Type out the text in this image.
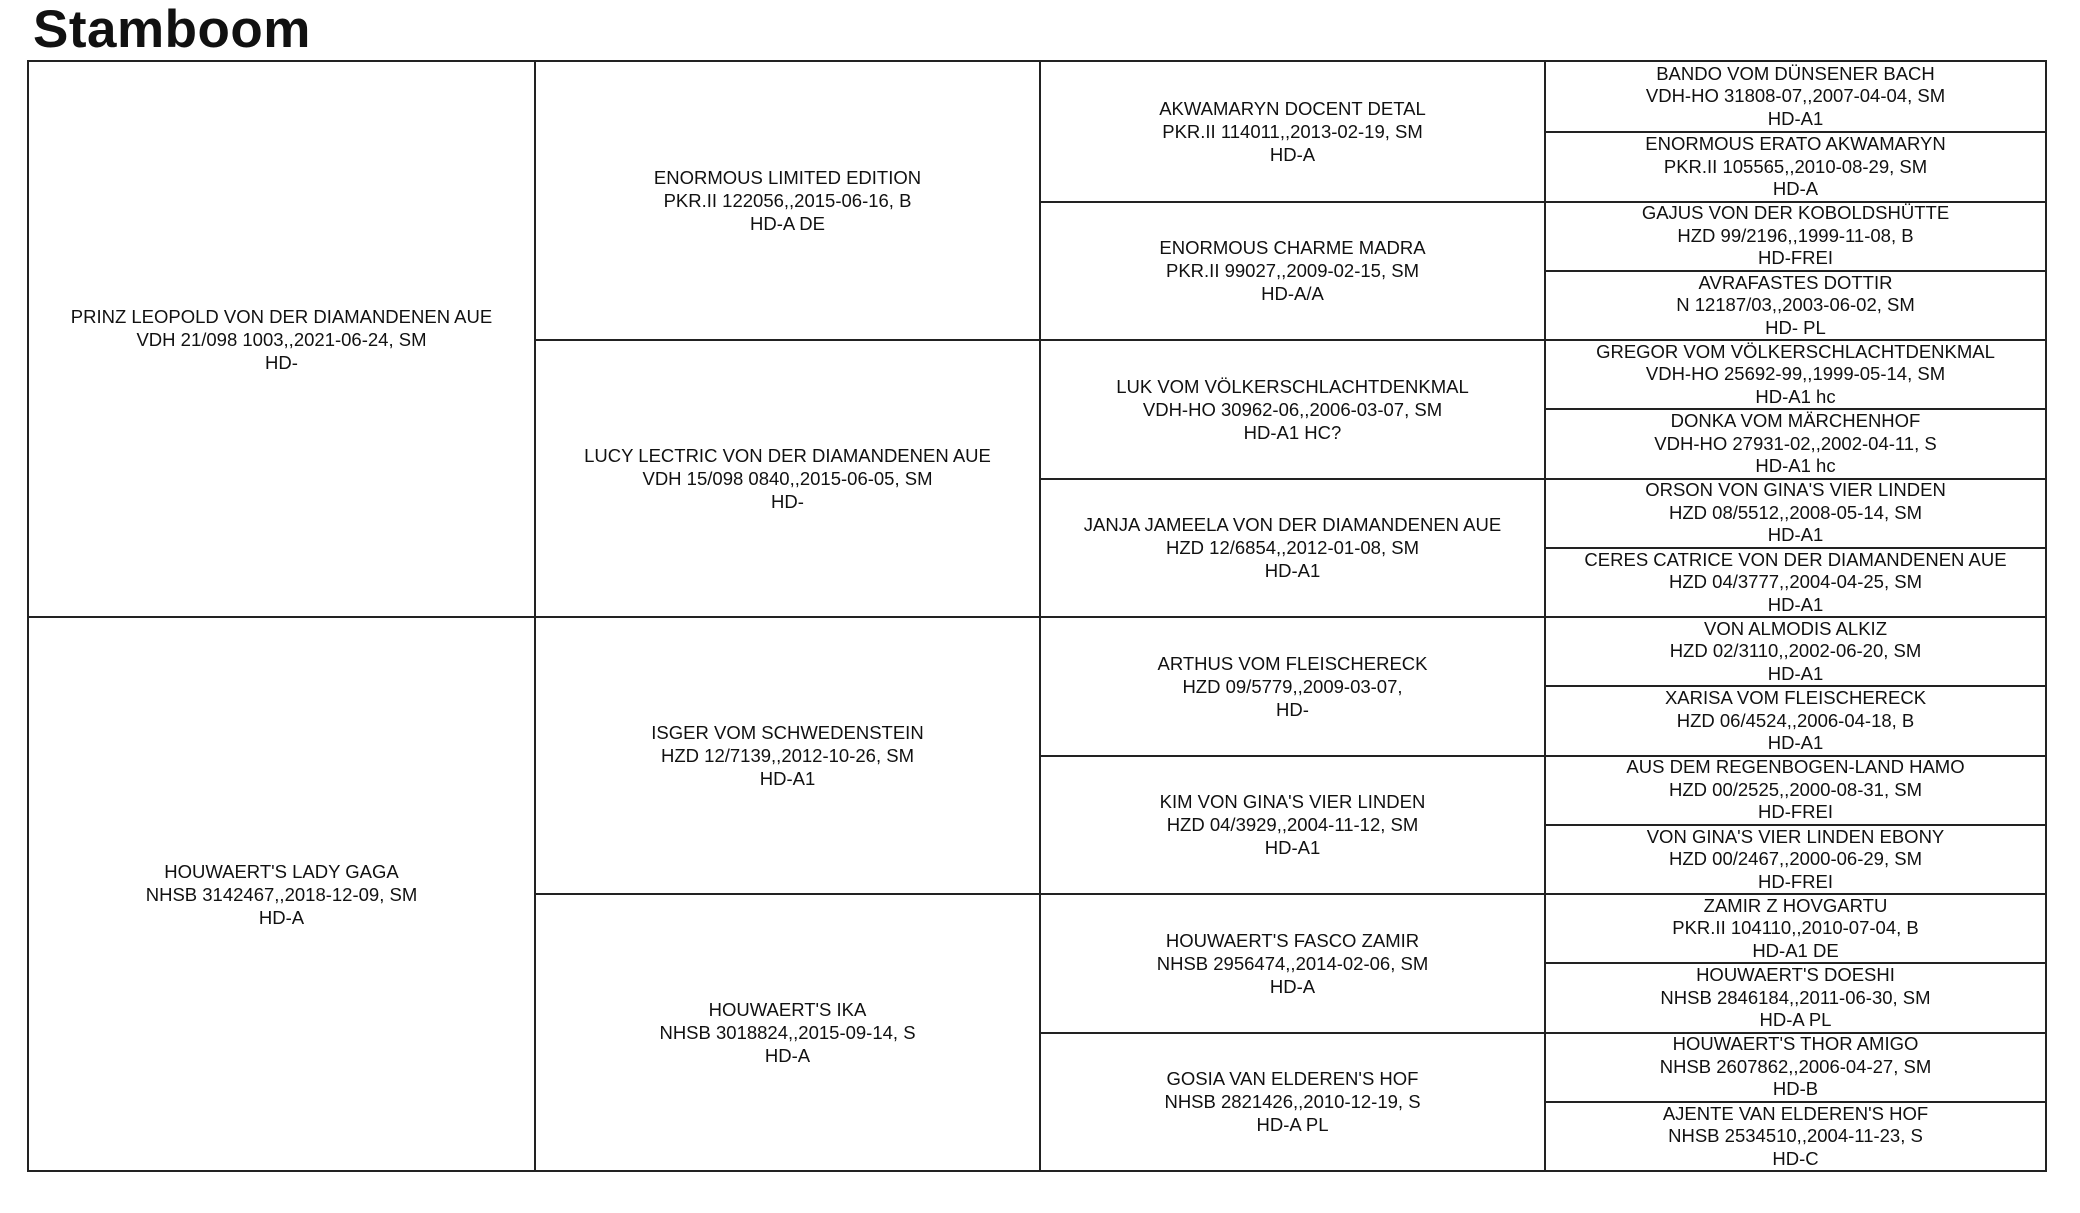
Stamboom
PRINZ LEOPOLD VON DER DIAMANDENEN AUE
VDH 21/098 1003,,2021-06-24, SM
HD-
HOUWAERT'S LADY GAGA
NHSB 3142467,,2018-12-09, SM
HD-A
ENORMOUS LIMITED EDITION
PKR.II 122056,,2015-06-16, B
HD-A DE
LUCY LECTRIC VON DER DIAMANDENEN AUE
VDH 15/098 0840,,2015-06-05, SM
HD-
ISGER VOM SCHWEDENSTEIN
HZD 12/7139,,2012-10-26, SM
HD-A1
HOUWAERT'S IKA
NHSB 3018824,,2015-09-14, S
HD-A
AKWAMARYN DOCENT DETAL
PKR.II 114011,,2013-02-19, SM
HD-A
ENORMOUS CHARME MADRA
PKR.II 99027,,2009-02-15, SM
HD-A/A
LUK VOM VÖLKERSCHLACHTDENKMAL
VDH-HO 30962-06,,2006-03-07, SM
HD-A1 HC?
JANJA JAMEELA VON DER DIAMANDENEN AUE
HZD 12/6854,,2012-01-08, SM
HD-A1
ARTHUS VOM FLEISCHERECK
HZD 09/5779,,2009-03-07,
HD-
KIM VON GINA'S VIER LINDEN
HZD 04/3929,,2004-11-12, SM
HD-A1
HOUWAERT'S FASCO ZAMIR
NHSB 2956474,,2014-02-06, SM
HD-A
GOSIA VAN ELDEREN'S HOF
NHSB 2821426,,2010-12-19, S
HD-A PL
BANDO VOM DÜNSENER BACH
VDH-HO 31808-07,,2007-04-04, SM
HD-A1
ENORMOUS ERATO AKWAMARYN
PKR.II 105565,,2010-08-29, SM
HD-A
GAJUS VON DER KOBOLDSHÜTTE
HZD 99/2196,,1999-11-08, B
HD-FREI
AVRAFASTES DOTTIR
N 12187/03,,2003-06-02, SM
HD- PL
GREGOR VOM VÖLKERSCHLACHTDENKMAL
VDH-HO 25692-99,,1999-05-14, SM
HD-A1 hc
DONKA VOM MÄRCHENHOF
VDH-HO 27931-02,,2002-04-11, S
HD-A1 hc
ORSON VON GINA'S VIER LINDEN
HZD 08/5512,,2008-05-14, SM
HD-A1
CERES CATRICE VON DER DIAMANDENEN AUE
HZD 04/3777,,2004-04-25, SM
HD-A1
VON ALMODIS ALKIZ
HZD 02/3110,,2002-06-20, SM
HD-A1
XARISA VOM FLEISCHERECK
HZD 06/4524,,2006-04-18, B
HD-A1
AUS DEM REGENBOGEN-LAND HAMO
HZD 00/2525,,2000-08-31, SM
HD-FREI
VON GINA'S VIER LINDEN EBONY
HZD 00/2467,,2000-06-29, SM
HD-FREI
ZAMIR Z HOVGARTU
PKR.II 104110,,2010-07-04, B
HD-A1 DE
HOUWAERT'S DOESHI
NHSB 2846184,,2011-06-30, SM
HD-A PL
HOUWAERT'S THOR AMIGO
NHSB 2607862,,2006-04-27, SM
HD-B
AJENTE VAN ELDEREN'S HOF
NHSB 2534510,,2004-11-23, S
HD-C
